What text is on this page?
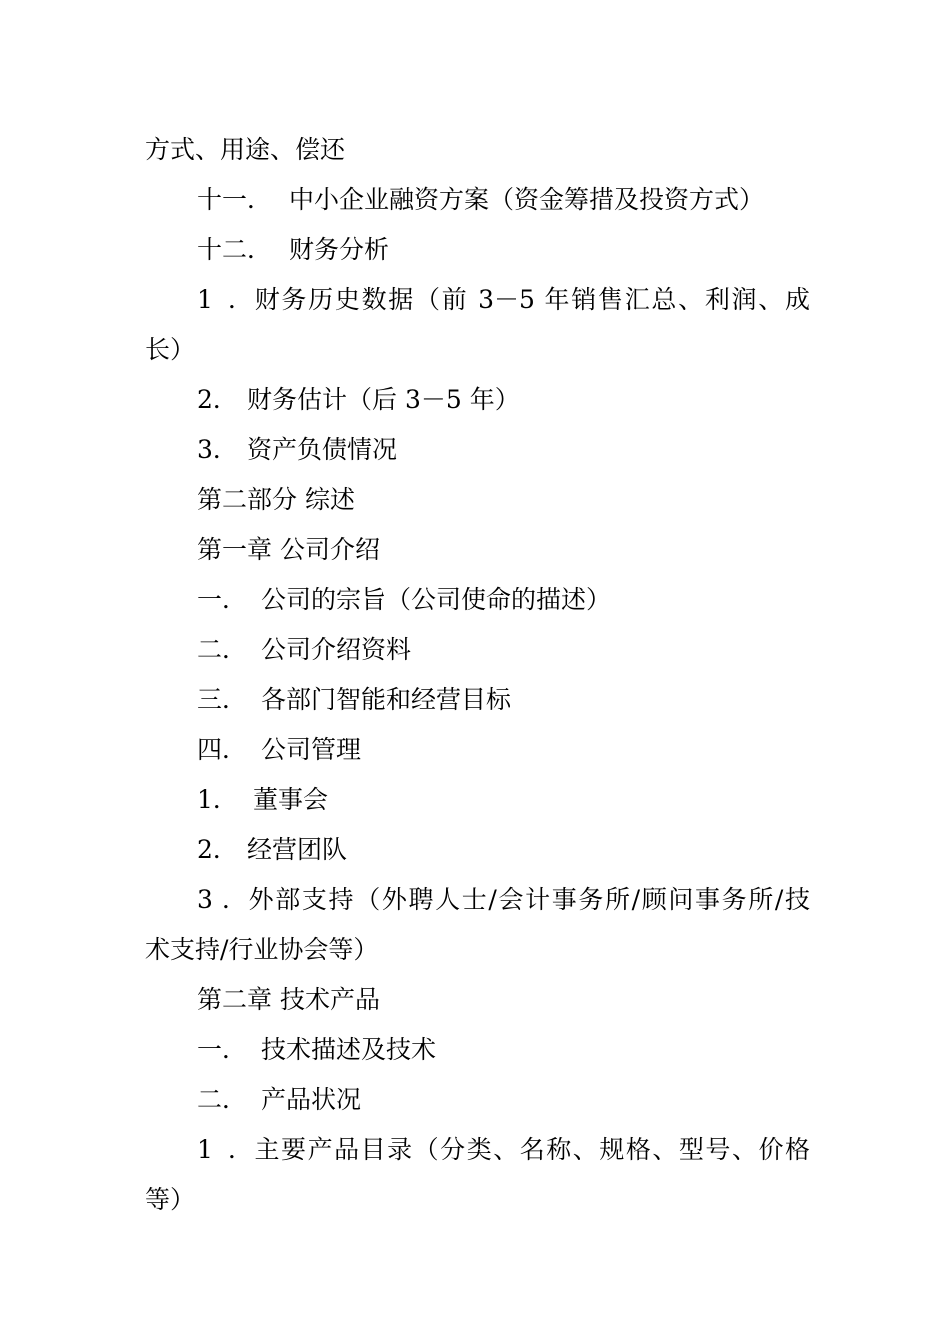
方式、用途、偿还
十一． 中小企业融资方案（资金筹措及投资方式）
十二． 财务分析
1．财务历史数据（前 3－5 年销售汇总、利润、成
长）
2． 财务估计（后 3－5 年）
3． 资产负债情况
第二部分 综述
第一章 公司介绍
一． 公司的宗旨（公司使命的描述）
二． 公司介绍资料
三． 各部门智能和经营目标
四． 公司管理
1． 董事会
2． 经营团队
3．外部支持（外聘人士/会计事务所/顾问事务所/技
术支持/行业协会等）
第二章 技术产品
一． 技术描述及技术
二． 产品状况
1．主要产品目录（分类、名称、规格、型号、价格
等）
